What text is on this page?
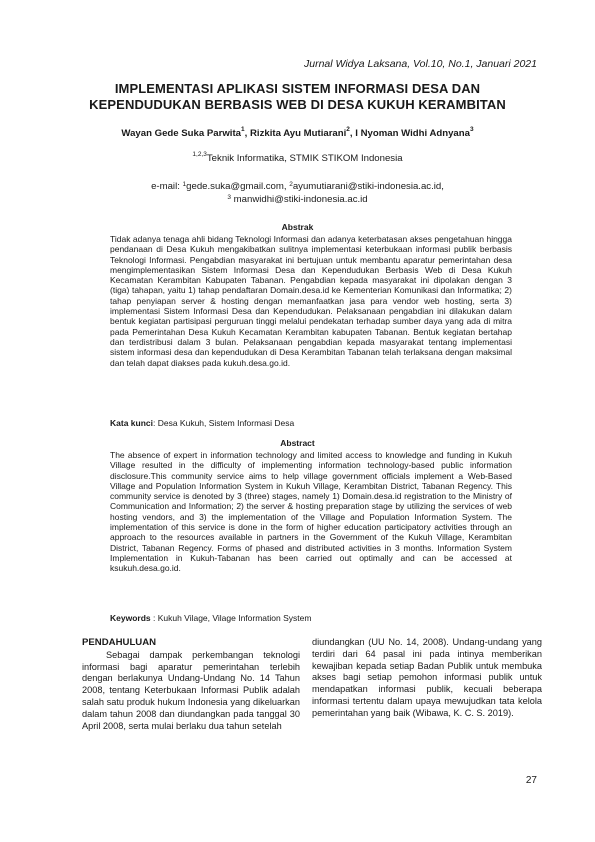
Jurnal Widya Laksana, Vol.10, No.1, Januari 2021
IMPLEMENTASI APLIKASI SISTEM INFORMASI DESA DAN
KEPENDUDUKAN BERBASIS WEB DI DESA KUKUH KERAMBITAN
Wayan Gede Suka Parwita$^1$, Rizkita Ayu Mutiarani$^2$, I Nyoman Widhi Adnyana$^3$
$^{1,2,3}$Teknik Informatika, STMIK STIKOM Indonesia
e-mail: $^1$gede.suka@gmail.com, $^2$ayumutiarani@stiki-indonesia.ac.id,
$^3$ manwidhi@stiki-indonesia.ac.id
Abstrak
Tidak adanya tenaga ahli bidang Teknologi Informasi dan adanya keterbatasan akses pengetahuan hingga pendanaan di Desa Kukuh mengakibatkan sulitnya implementasi keterbukaan informasi publik berbasis Teknologi Informasi. Pengabdian masyarakat ini bertujuan untuk membantu aparatur pemerintahan desa mengimplementasikan Sistem Informasi Desa dan Kependudukan Berbasis Web di Desa Kukuh Kecamatan Kerambitan Kabupaten Tabanan. Pengabdian kepada masyarakat ini dipolakan dengan 3 (tiga) tahapan, yaitu 1) tahap pendaftaran Domain.desa.id ke Kementerian Komunikasi dan Informatika; 2) tahap penyiapan server & hosting dengan memanfaatkan jasa para vendor web hosting, serta 3) implementasi Sistem Informasi Desa dan Kependudukan. Pelaksanaan pengabdian ini dilakukan dalam bentuk kegiatan partisipasi perguruan tinggi melalui pendekatan terhadap sumber daya yang ada di mitra pada Pemerintahan Desa Kukuh Kecamatan Kerambitan kabupaten Tabanan. Bentuk kegiatan bertahap dan terdistribusi dalam 3 bulan. Pelaksanaan pengabdian kepada masyarakat tentang implementasi sistem informasi desa dan kependudukan di Desa Kerambitan Tabanan telah terlaksana dengan maksimal dan telah dapat diakses pada kukuh.desa.go.id.
Kata kunci: Desa Kukuh, Sistem Informasi Desa
Abstract
The absence of expert in information technology and limited access to knowledge and funding in Kukuh Village resulted in the difficulty of implementing information technology-based public information disclosure.This community service aims to help village government officials implement a Web-Based Village and Population Information System in Kukuh Village, Kerambitan District, Tabanan Regency. This community service is denoted by 3 (three) stages, namely 1) Domain.desa.id registration to the Ministry of Communication and Information; 2) the server & hosting preparation stage by utilizing the services of web hosting vendors, and 3) the implementation of the Village and Population Information System. The implementation of this service is done in the form of higher education participatory activities through an approach to the resources available in partners in the Government of the Kukuh Village, Kerambitan District, Tabanan Regency. Forms of phased and distributed activities in 3 months. Information System Implementation in Kukuh-Tabanan has been carried out optimally and can be accessed at ksukuh.desa.go.id.
Keywords : Kukuh Vilage, Vilage Information System
PENDAHULUAN
Sebagai dampak perkembangan teknologi informasi bagi aparatur pemerintahan terlebih dengan berlakunya Undang-Undang No. 14 Tahun 2008, tentang Keterbukaan Informasi Publik adalah salah satu produk hukum Indonesia yang dikeluarkan dalam tahun 2008 dan diundangkan pada tanggal 30 April 2008, serta mulai berlaku dua tahun setelah
diundangkan (UU No. 14, 2008). Undang-undang yang terdiri dari 64 pasal ini pada intinya memberikan kewajiban kepada setiap Badan Publik untuk membuka akses bagi setiap pemohon informasi publik untuk mendapatkan informasi publik, kecuali beberapa informasi tertentu dalam upaya mewujudkan tata kelola pemerintahan yang baik (Wibawa, K. C. S. 2019).
27
